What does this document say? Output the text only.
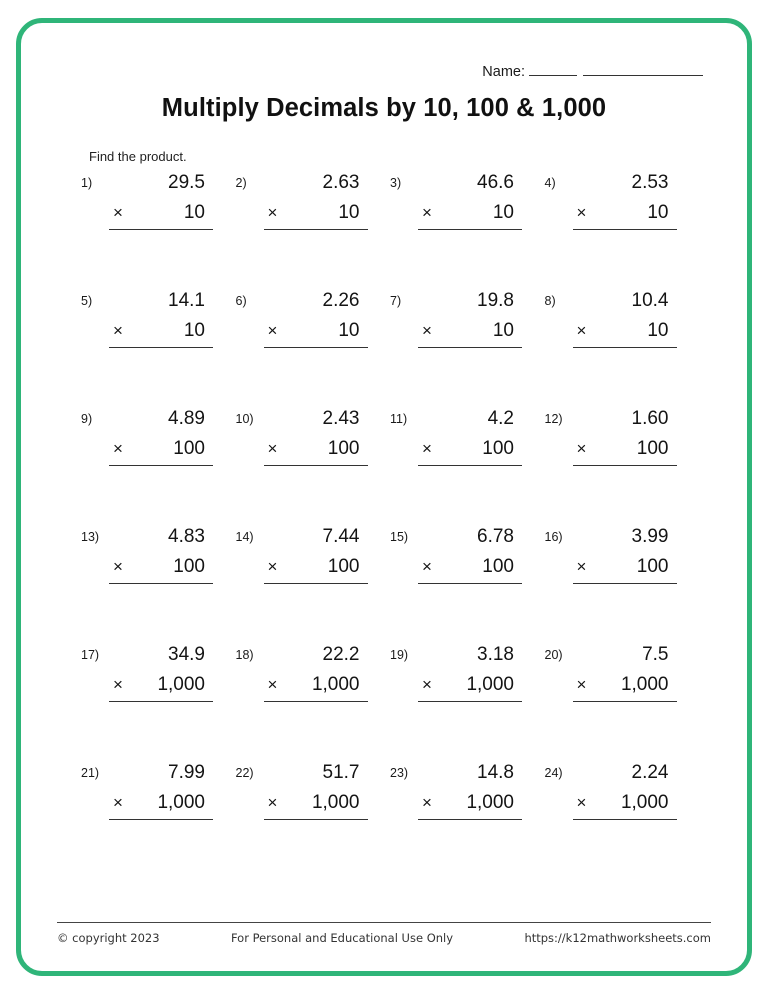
Name:
Multiply Decimals by 10, 100 & 1,000
Find the product.
1)	29.5
×	10
2)	2.63
×	10
3)	46.6
×	10
4)	2.53
×	10
5)	14.1
×	10
6)	2.26
×	10
7)	19.8
×	10
8)	10.4
×	10
9)	4.89
×	100
10)	2.43
×	100
11)	4.2
×	100
12)	1.60
×	100
13)	4.83
×	100
14)	7.44
×	100
15)	6.78
×	100
16)	3.99
×	100
17)	34.9
× 1,000
18)	22.2
× 1,000
19)	3.18
× 1,000
20)	7.5
× 1,000
21)	7.99
× 1,000
22)	51.7
× 1,000
23)	14.8
× 1,000
24)	2.24
× 1,000
© copyright 2023	For Personal and Educational Use Only	https://k12mathworksheets.com
